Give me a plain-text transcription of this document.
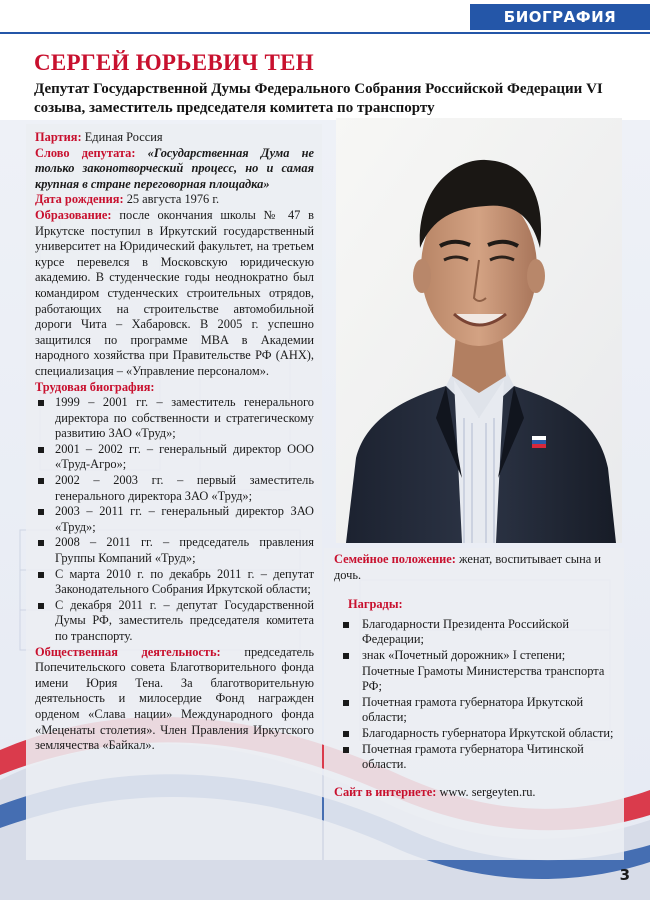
БИОГРАФИЯ
СЕРГЕЙ ЮРЬЕВИЧ ТЕН

Депутат Государственной Думы Федерального Собрания Российской Федерации VI созыва, заместитель председателя комитета по транспорту

Партия: Единая Россия

Слово депутата: «Государственная Дума не только законотворческий процесс, но и самая крупная в стране переговорная площадка»

Дата рождения: 25 августа 1976 г.

Образование: после окончания школы № 47 в Иркутске поступил в Иркутский государственный университет на Юридический факультет, на третьем курсе перевелся в Московскую юридическую академию. В студенческие годы неоднократно был командиром студенческих строительных отрядов, работающих на строительстве автомобильной дороги Чита – Хабаровск. В 2005 г. успешно защитился по программе MBA в Академии народного хозяйства при Правительстве РФ (АНХ), специализация – «Управление персоналом».

Трудовая биография:

1999 – 2001 гг. – заместитель генерального директора по собственности и стратегическому развитию ЗАО «Труд»;
2001 – 2002 гг. – генеральный директор ООО «Труд-Агро»;
2002 – 2003 гг. – первый заместитель генерального директора ЗАО «Труд»;
2003 – 2011 гг. – генеральный директор ЗАО «Труд»;
2008 – 2011 гг. – председатель правления Группы Компаний «Труд»;
С марта 2010 г. по декабрь 2011 г. – депутат Законодательного Собрания Иркутской области;
С декабря 2011 г. – депутат Государственной Думы РФ, заместитель председателя комитета по транспорту.

Общественная деятельность: председатель Попечительского совета Благотворительного фонда имени Юрия Тена. За благотворительную деятельность и милосердие Фонд награжден орденом «Слава нации» Международного фонда «Меценаты столетия». Член Правления Иркутского землячества «Байкал».

Семейное положение: женат, воспитывает сына и дочь.

Награды:

Благодарности Президента Российской Федерации;
знак «Почетный дорожник» I степени; Почетные Грамоты Министерства транспорта РФ;
Почетная грамота губернатора Иркутской области;
Благодарность губернатора Иркутской области;
Почетная грамота губернатора Читинской области.

Сайт в интернете: www. sergeyten.ru.

3
